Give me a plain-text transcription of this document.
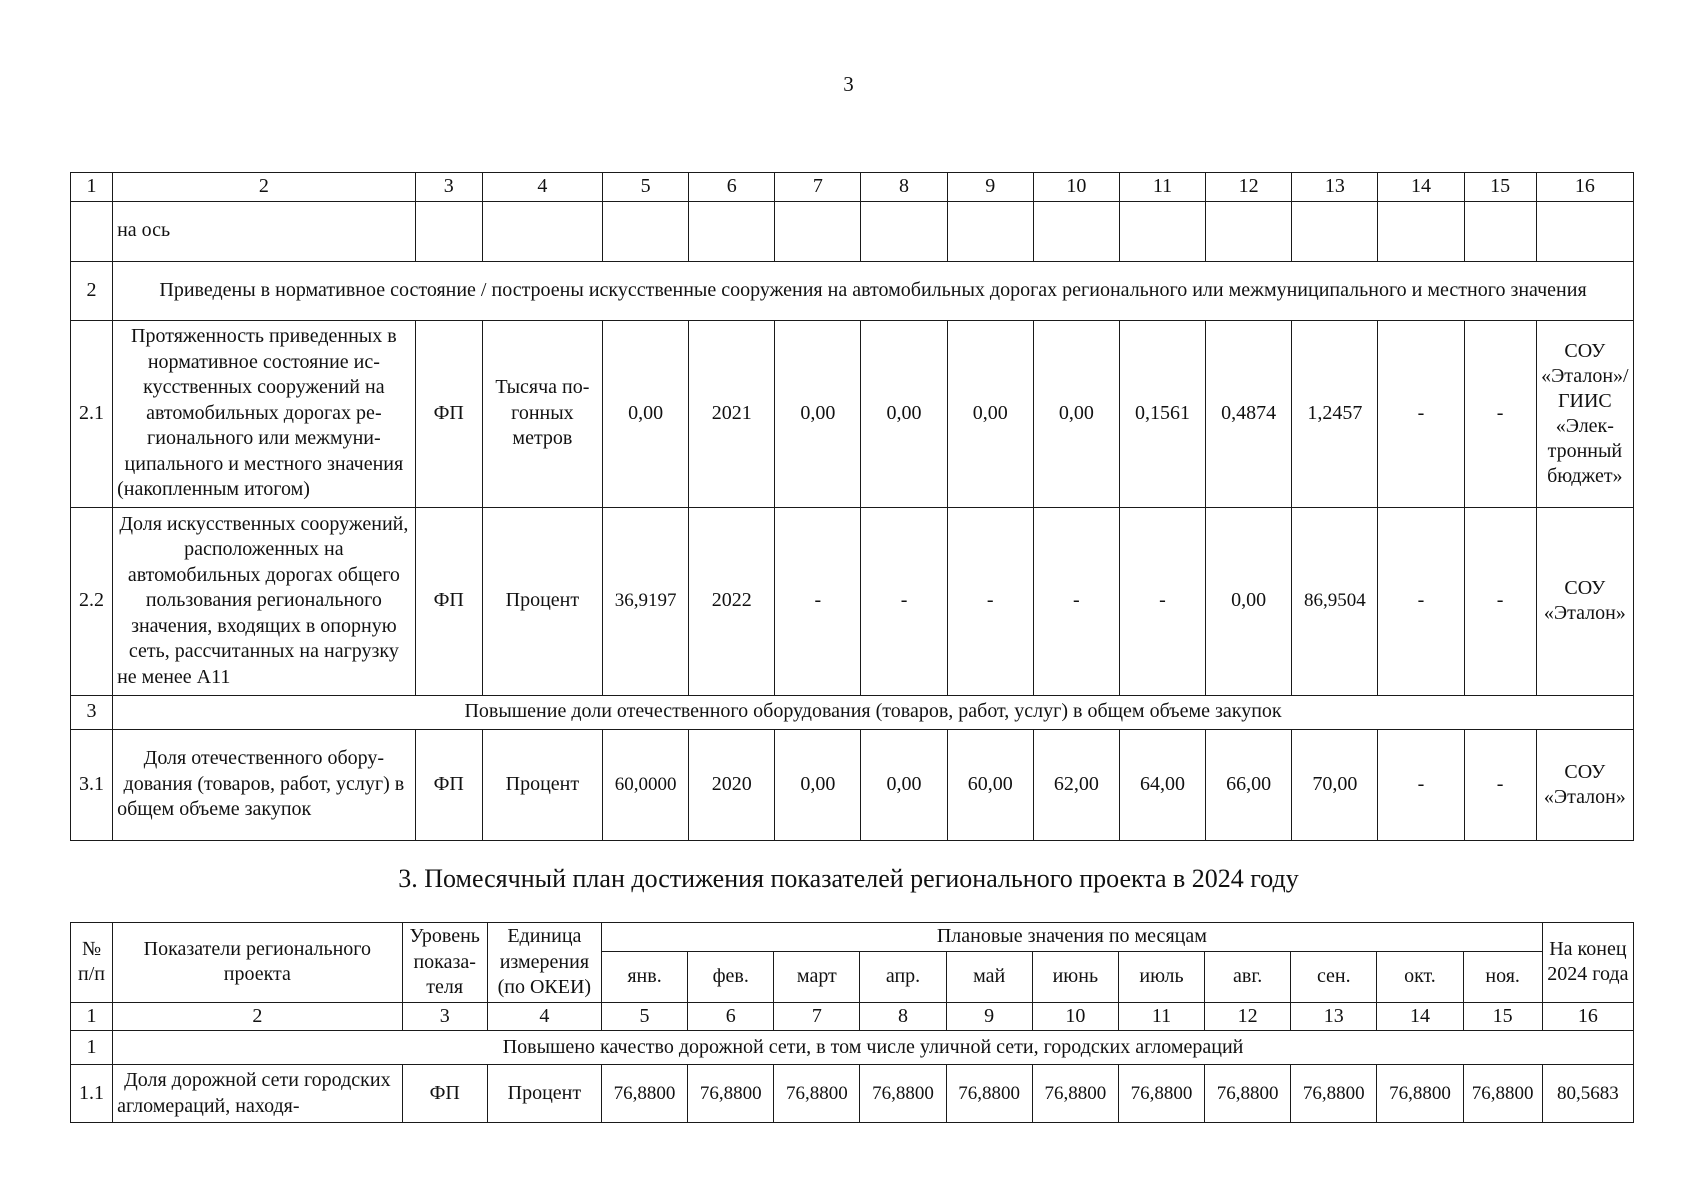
3
1	2	3	4	5	6	7	8	9	10	11	12	13	14	15	16
	на ось														
2	Приведены в нормативное состояние / построены искусственные сооружения на автомобильных дорогах регионального или межмуниципального и местного значения														
2.1	Протяженность приведенных в нормативное состояние искусственных сооружений на автомобильных дорогах регионального или межмуниципального и местного значения (накопленным итогом)	ФП	Тысяча погонных метров	0,00	2021	0,00	0,00	0,00	0,00	0,1561	0,4874	1,2457	-	-	СОУ «Эталон»/ ГИИС «Электронный бюджет»
2.2	Доля искусственных сооружений, расположенных на автомобильных дорогах общего пользования регионального значения, входящих в опорную сеть, рассчитанных на нагрузку не менее А11	ФП	Процент	36,9197	2022	-	-	-	-	-	0,00	86,9504	-	-	СОУ «Эталон»
3	Повышение доли отечественного оборудования (товаров, работ, услуг) в общем объеме закупок														
3.1	Доля отечественного оборудования (товаров, работ, услуг) в общем объеме закупок	ФП	Процент	60,0000	2020	0,00	0,00	60,00	62,00	64,00	66,00	70,00	-	-	СОУ «Эталон»
3. Помесячный план достижения показателей регионального проекта в 2024 году
№ п/п	Показатели регионального проекта	Уровень показателя	Единица измерения (по ОКЕИ)	Плановые значения по месяцам											На конец 2024 года
				янв.	фев.	март	апр.	май	июнь	июль	авг.	сен.	окт.	ноя.	
1	2	3	4	5	6	7	8	9	10	11	12	13	14	15	16
1	Повышено качество дорожной сети, в том числе уличной сети, городских агломераций														
1.1	Доля дорожной сети городских агломераций, находя-	ФП	Процент	76,8800	76,8800	76,8800	76,8800	76,8800	76,8800	76,8800	76,8800	76,8800	76,8800	76,8800	80,5683
